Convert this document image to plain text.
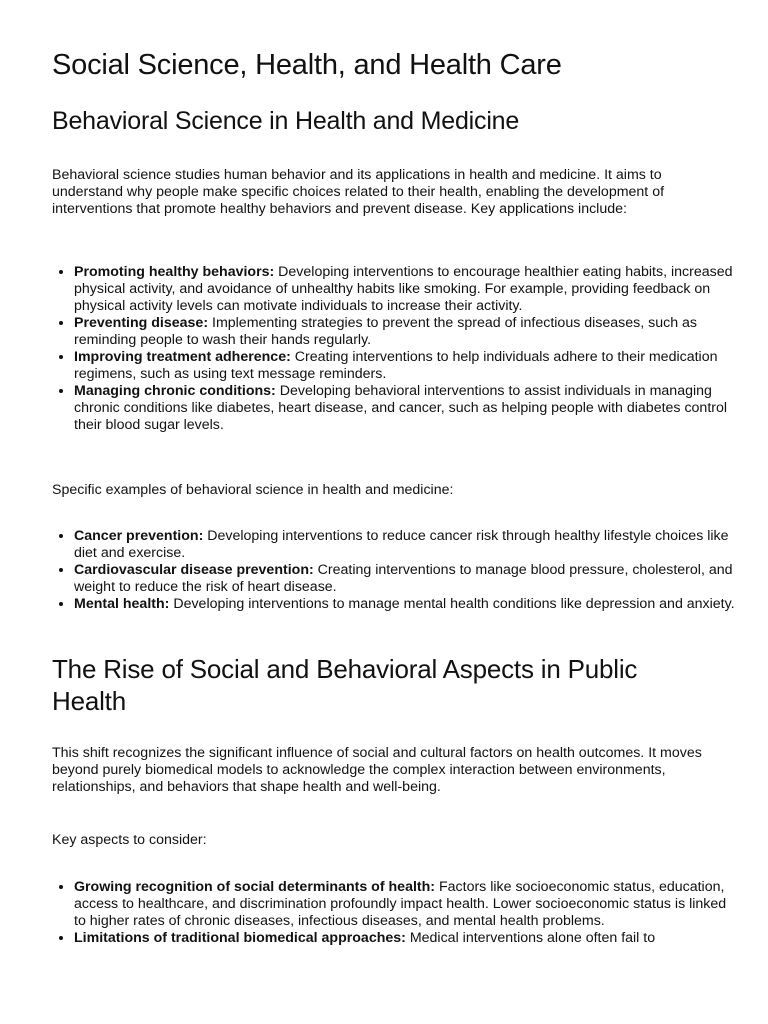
Social Science, Health, and Health Care
Behavioral Science in Health and Medicine

Behavioral science studies human behavior and its applications in health and medicine. It aims to understand why people make specific choices related to their health, enabling the development of interventions that promote healthy behaviors and prevent disease. Key applications include:

• Promoting healthy behaviors: Developing interventions to encourage healthier eating habits, increased physical activity, and avoidance of unhealthy habits like smoking. For example, providing feedback on physical activity levels can motivate individuals to increase their activity.
• Preventing disease: Implementing strategies to prevent the spread of infectious diseases, such as reminding people to wash their hands regularly.
• Improving treatment adherence: Creating interventions to help individuals adhere to their medication regimens, such as using text message reminders.
• Managing chronic conditions: Developing behavioral interventions to assist individuals in managing chronic conditions like diabetes, heart disease, and cancer, such as helping people with diabetes control their blood sugar levels.

Specific examples of behavioral science in health and medicine:

• Cancer prevention: Developing interventions to reduce cancer risk through healthy lifestyle choices like diet and exercise.
• Cardiovascular disease prevention: Creating interventions to manage blood pressure, cholesterol, and weight to reduce the risk of heart disease.
• Mental health: Developing interventions to manage mental health conditions like depression and anxiety.
The Rise of Social and Behavioral Aspects in Public Health

This shift recognizes the significant influence of social and cultural factors on health outcomes. It moves beyond purely biomedical models to acknowledge the complex interaction between environments, relationships, and behaviors that shape health and well-being.

Key aspects to consider:

• Growing recognition of social determinants of health: Factors like socioeconomic status, education, access to healthcare, and discrimination profoundly impact health. Lower socioeconomic status is linked to higher rates of chronic diseases, infectious diseases, and mental health problems.
• Limitations of traditional biomedical approaches: Medical interventions alone often fail to
